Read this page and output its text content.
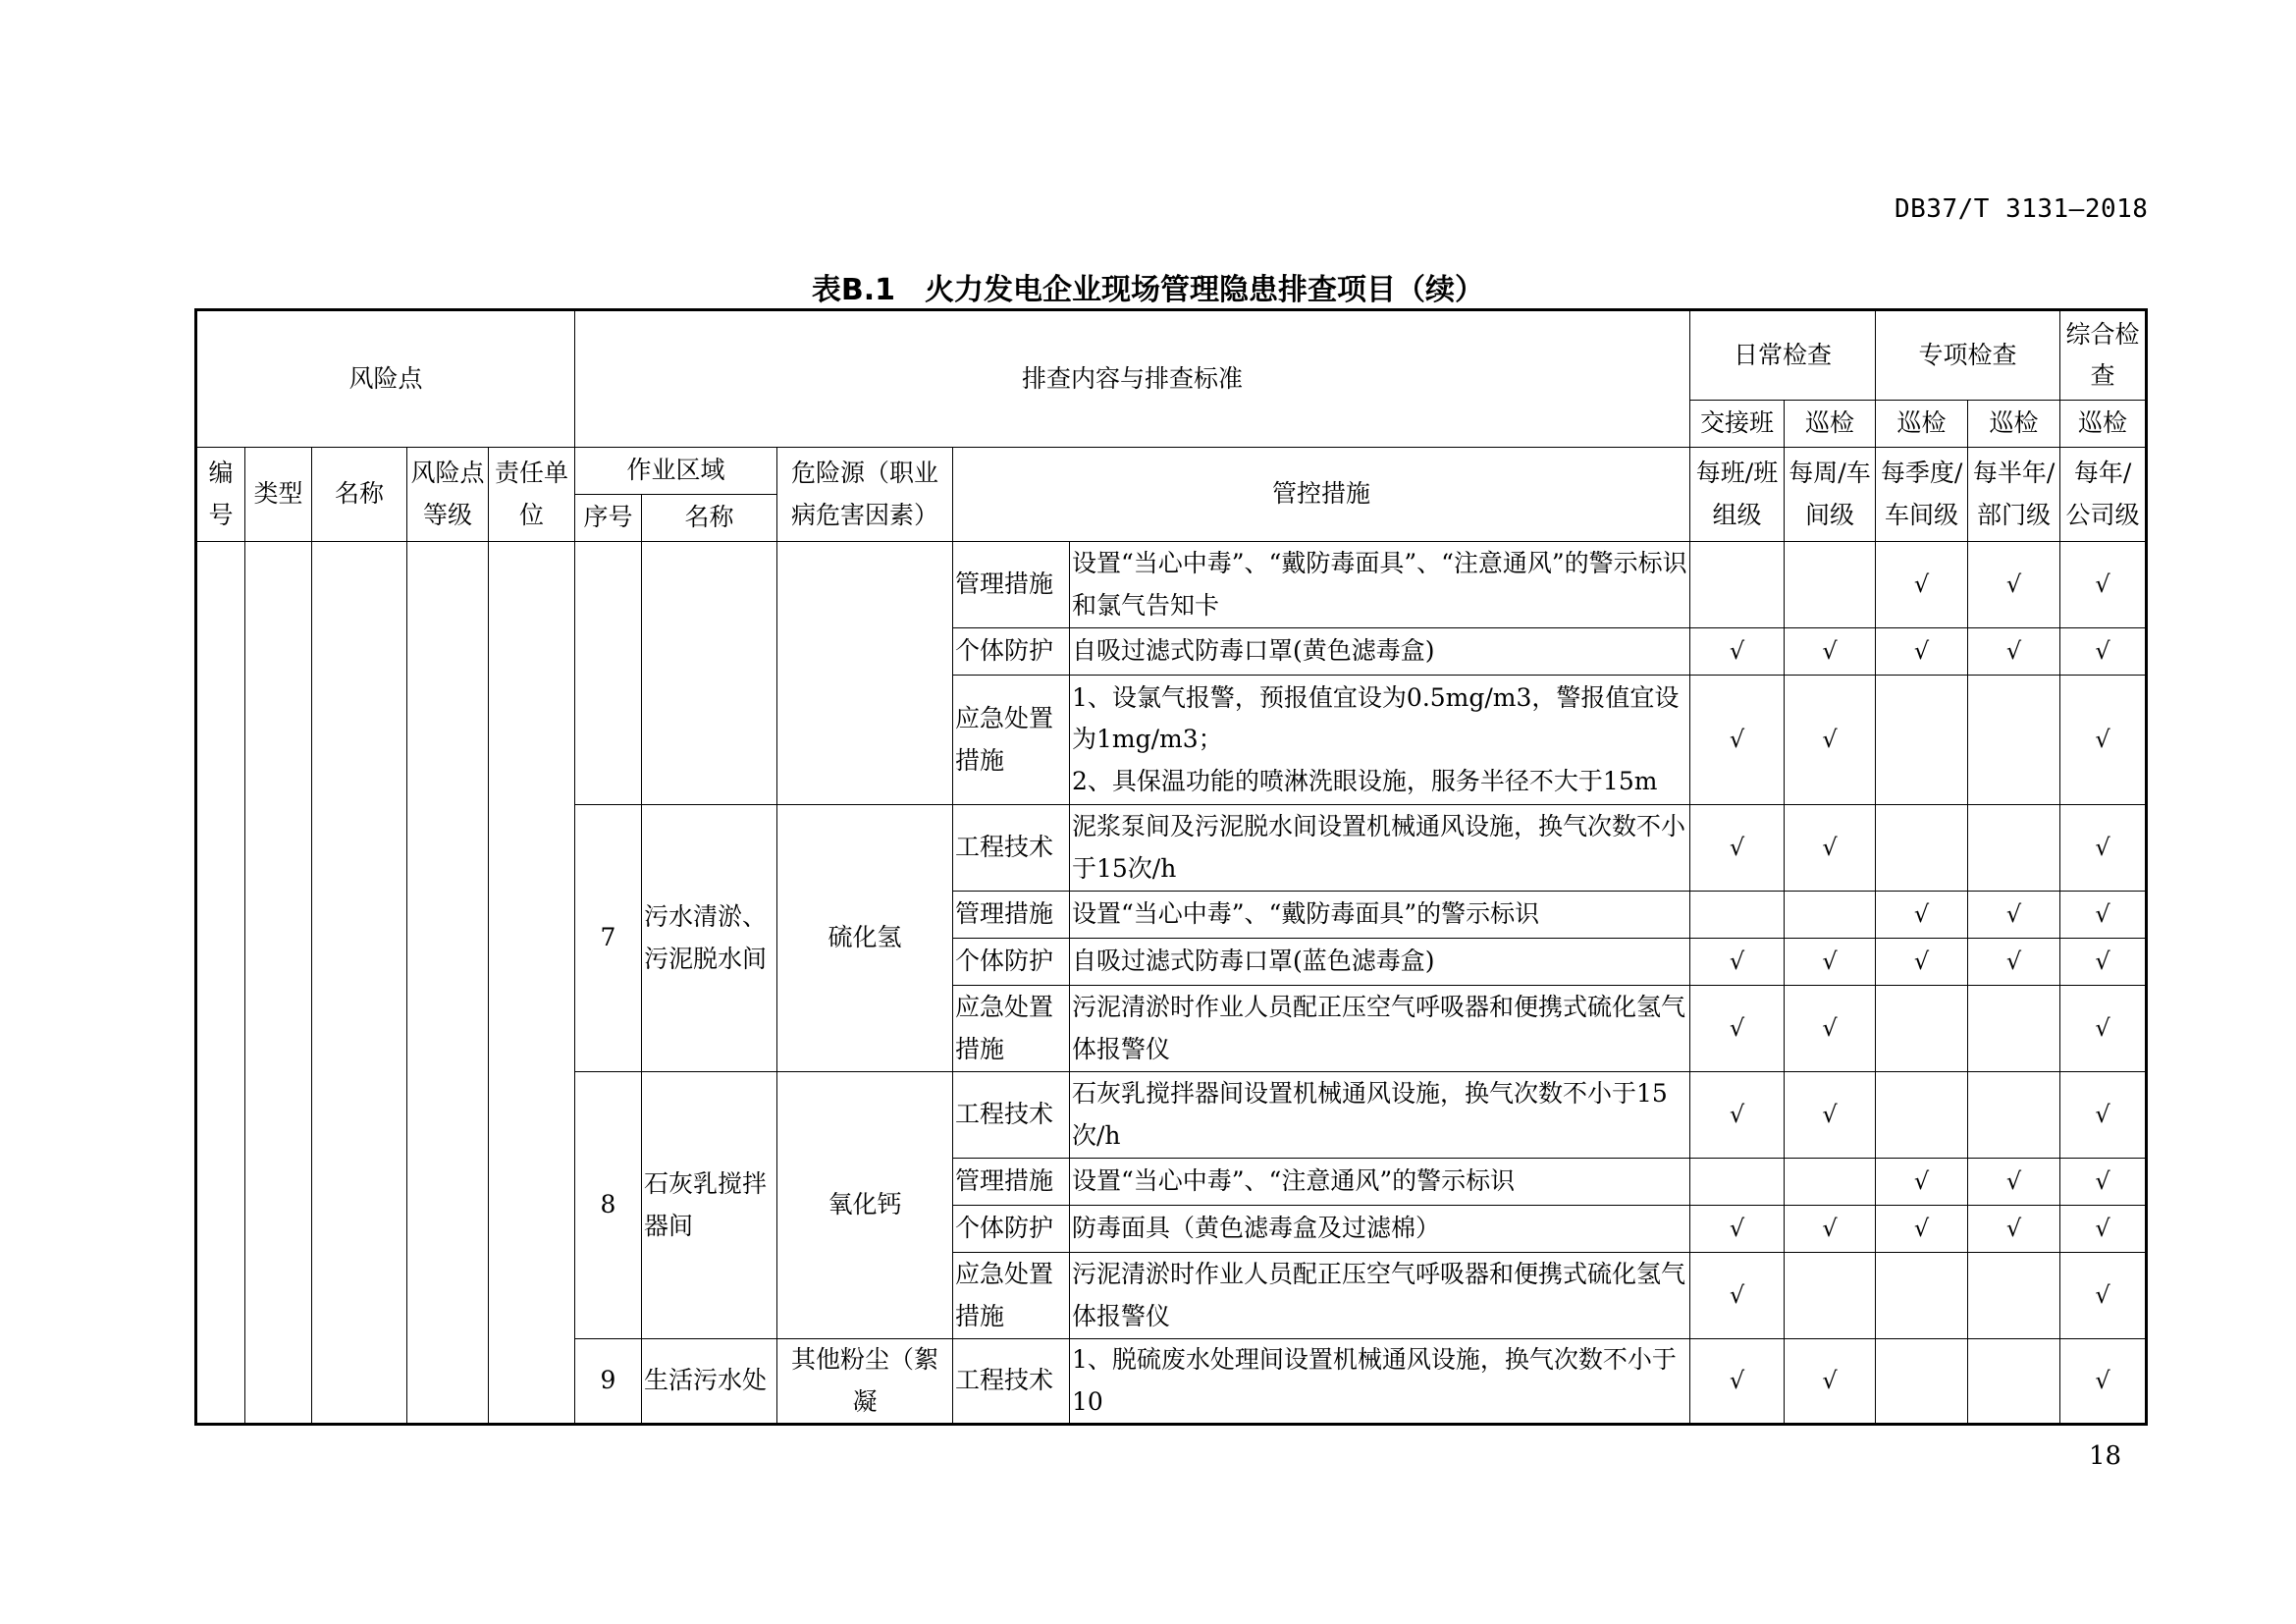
DB37/T 3131—2018
表B.1　火力发电企业现场管理隐患排查项目（续）
风险点					排查内容与排查标准					日常检查		专项检查		综合检查
										交接班	巡检	巡检	巡检	巡检
编号	类型	名称	风险点等级	责任单位	作业区域		危险源（职业病危害因素）	管控措施		每班/班组级	每周/车间级	每季度/车间级	每半年/部门级	每年/公司级
					序号	名称								
								管理措施	设置“当心中毒”、“戴防毒面具”、“注意通风”的警示标识和氯气告知卡			√	√	√
								个体防护	自吸过滤式防毒口罩(黄色滤毒盒)	√	√	√	√	√
								应急处置措施	1、设氯气报警，预报值宜设为0.5mg/m3，警报值宜设为1mg/m3；
2、具保温功能的喷淋洗眼设施，服务半径不大于15m	√	√			√
					7	污水清淤、污泥脱水间	硫化氢	工程技术	泥浆泵间及污泥脱水间设置机械通风设施，换气次数不小于15次/h	√	√			√
								管理措施	设置“当心中毒”、“戴防毒面具”的警示标识			√	√	√
								个体防护	自吸过滤式防毒口罩(蓝色滤毒盒)	√	√	√	√	√
								应急处置措施	污泥清淤时作业人员配正压空气呼吸器和便携式硫化氢气体报警仪	√	√			√
					8	石灰乳搅拌器间	氧化钙	工程技术	石灰乳搅拌器间设置机械通风设施，换气次数不小于15次/h	√	√			√
								管理措施	设置“当心中毒”、“注意通风”的警示标识			√	√	√
								个体防护	防毒面具（黄色滤毒盒及过滤棉）	√	√	√	√	√
								应急处置措施	污泥清淤时作业人员配正压空气呼吸器和便携式硫化氢气体报警仪	√				√
					9	生活污水处	其他粉尘（絮凝	工程技术	1、脱硫废水处理间设置机械通风设施，换气次数不小于10	√	√			√
18
